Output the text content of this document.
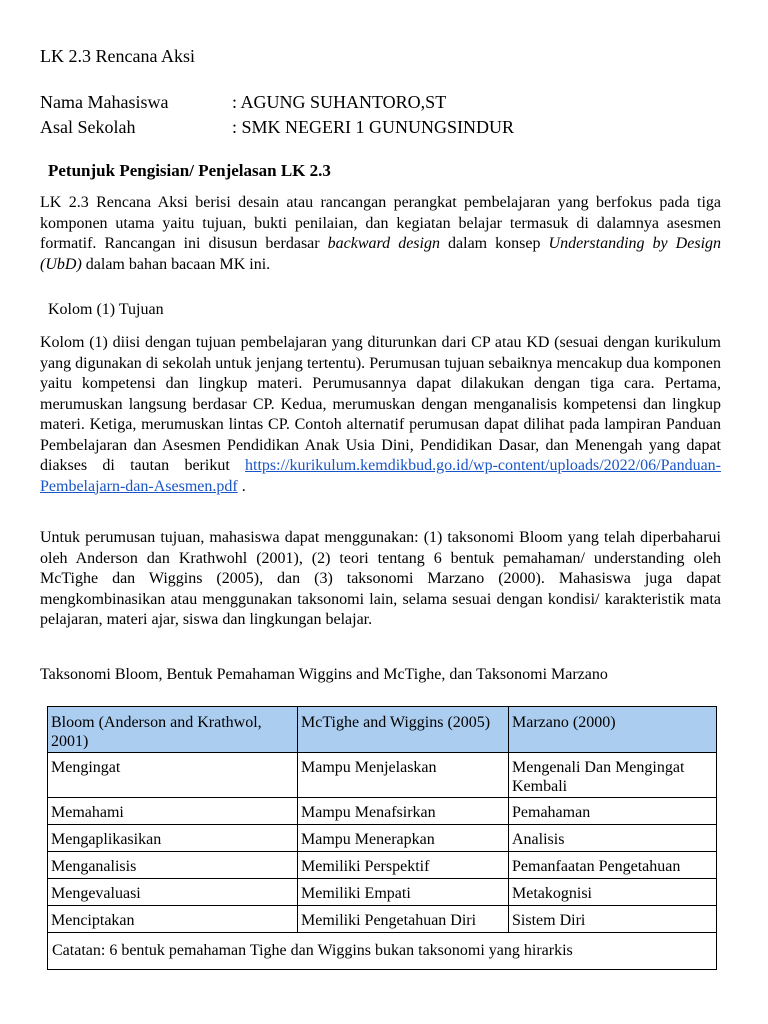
LK 2.3 Rencana Aksi
Nama Mahasiswa	: AGUNG SUHANTORO,ST
Asal Sekolah	: SMK NEGERI 1 GUNUNGSINDUR
Petunjuk Pengisian/ Penjelasan LK 2.3
LK 2.3 Rencana Aksi berisi desain atau rancangan perangkat pembelajaran yang berfokus pada tiga komponen utama yaitu tujuan, bukti penilaian, dan kegiatan belajar termasuk di dalamnya asesmen formatif. Rancangan ini disusun berdasar backward design dalam konsep Understanding by Design (UbD) dalam bahan bacaan MK ini.
Kolom (1) Tujuan
Kolom (1) diisi dengan tujuan pembelajaran yang diturunkan dari CP atau KD (sesuai dengan kurikulum yang digunakan di sekolah untuk jenjang tertentu). Perumusan tujuan sebaiknya mencakup dua komponen yaitu kompetensi dan lingkup materi. Perumusannya dapat dilakukan dengan tiga cara. Pertama, merumuskan langsung berdasar CP. Kedua, merumuskan dengan menganalisis kompetensi dan lingkup materi. Ketiga, merumuskan lintas CP. Contoh alternatif perumusan dapat dilihat pada lampiran Panduan Pembelajaran dan Asesmen Pendidikan Anak Usia Dini, Pendidikan Dasar, dan Menengah yang dapat diakses di tautan berikut https://kurikulum.kemdikbud.go.id/wp-content/uploads/2022/06/Panduan-Pembelajarn-dan-Asesmen.pdf .
Untuk perumusan tujuan, mahasiswa dapat menggunakan: (1) taksonomi Bloom yang telah diperbaharui oleh Anderson dan Krathwohl (2001), (2) teori tentang 6 bentuk pemahaman/ understanding oleh McTighe dan Wiggins (2005), dan (3) taksonomi Marzano (2000). Mahasiswa juga dapat mengkombinasikan atau menggunakan taksonomi lain, selama sesuai dengan kondisi/ karakteristik mata pelajaran, materi ajar, siswa dan lingkungan belajar.
Taksonomi Bloom, Bentuk Pemahaman Wiggins and McTighe, dan Taksonomi Marzano
Bloom (Anderson and Krathwol, 2001)	McTighe and Wiggins (2005)	Marzano (2000)
Mengingat	Mampu Menjelaskan	Mengenali Dan Mengingat Kembali
Memahami	Mampu Menafsirkan	Pemahaman
Mengaplikasikan	Mampu Menerapkan	Analisis
Menganalisis	Memiliki Perspektif	Pemanfaatan Pengetahuan
Mengevaluasi	Memiliki Empati	Metakognisi
Menciptakan	Memiliki Pengetahuan Diri	Sistem Diri
Catatan: 6 bentuk pemahaman Tighe dan Wiggins bukan taksonomi yang hirarkis		
